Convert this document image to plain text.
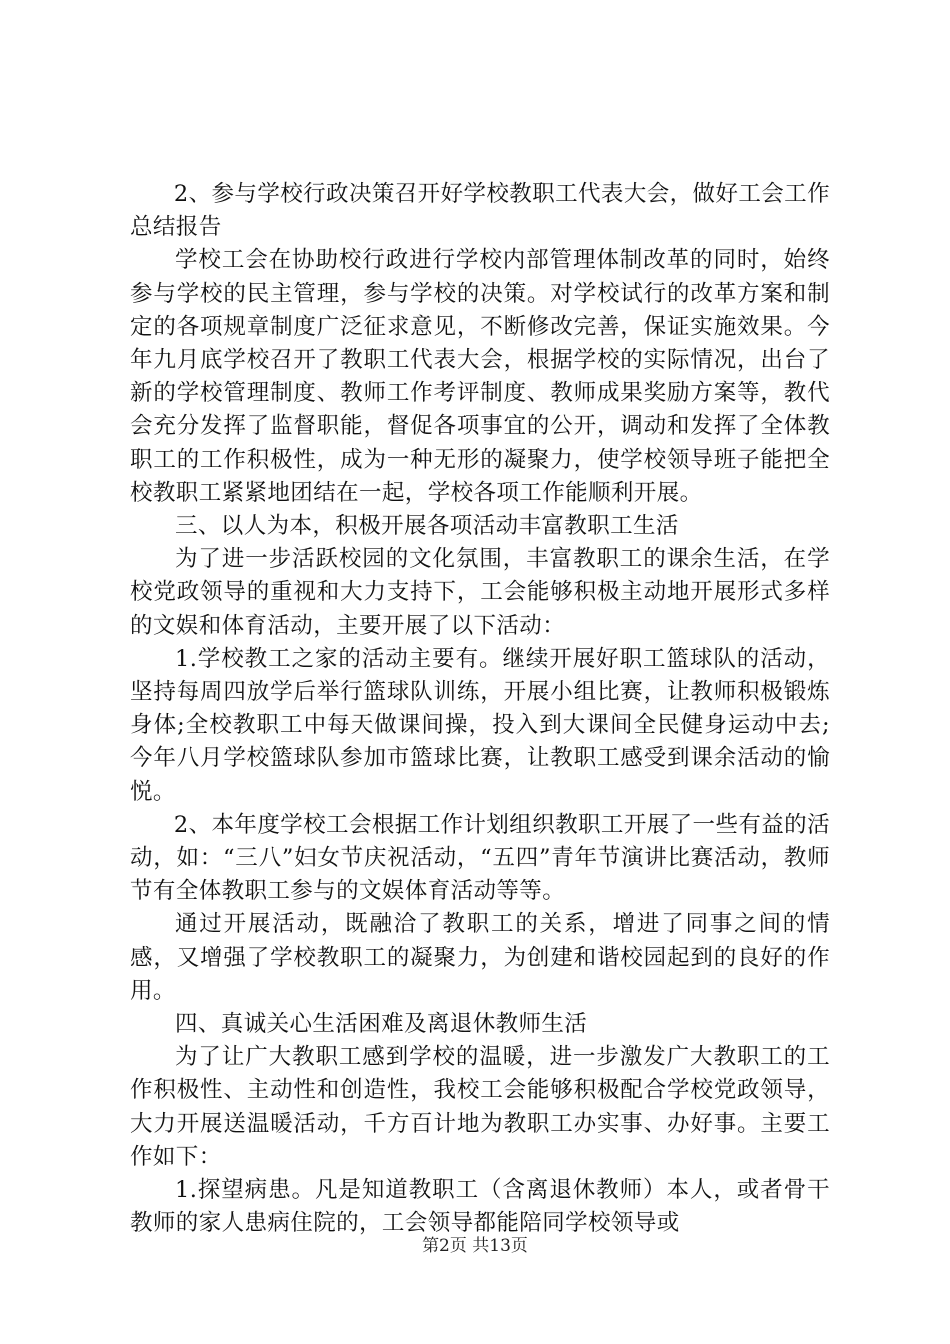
2、参与学校行政决策召开好学校教职工代表大会，做好工会工作总结报告

学校工会在协助校行政进行学校内部管理体制改革的同时，始终参与学校的民主管理，参与学校的决策。对学校试行的改革方案和制定的各项规章制度广泛征求意见，不断修改完善，保证实施效果。今年九月底学校召开了教职工代表大会，根据学校的实际情况，出台了新的学校管理制度、教师工作考评制度、教师成果奖励方案等，教代会充分发挥了监督职能，督促各项事宜的公开，调动和发挥了全体教职工的工作积极性，成为一种无形的凝聚力，使学校领导班子能把全校教职工紧紧地团结在一起，学校各项工作能顺利开展。

三、以人为本，积极开展各项活动丰富教职工生活

为了进一步活跃校园的文化氛围，丰富教职工的课余生活，在学校党政领导的重视和大力支持下，工会能够积极主动地开展形式多样的文娱和体育活动，主要开展了以下活动：

1.学校教工之家的活动主要有。继续开展好职工篮球队的活动，坚持每周四放学后举行篮球队训练，开展小组比赛，让教师积极锻炼身体;全校教职工中每天做课间操，投入到大课间全民健身运动中去;今年八月学校篮球队参加市篮球比赛，让教职工感受到课余活动的愉悦。

2、本年度学校工会根据工作计划组织教职工开展了一些有益的活动，如：“三八”妇女节庆祝活动，“五四”青年节演讲比赛活动，教师节有全体教职工参与的文娱体育活动等等。

通过开展活动，既融洽了教职工的关系，增进了同事之间的情感，又增强了学校教职工的凝聚力，为创建和谐校园起到的良好的作用。

四、真诚关心生活困难及离退休教师生活

为了让广大教职工感到学校的温暖，进一步激发广大教职工的工作积极性、主动性和创造性，我校工会能够积极配合学校党政领导，大力开展送温暖活动，千方百计地为教职工办实事、办好事。主要工作如下：

1.探望病患。凡是知道教职工（含离退休教师）本人，或者骨干教师的家人患病住院的，工会领导都能陪同学校领导或

第2页 共13页
